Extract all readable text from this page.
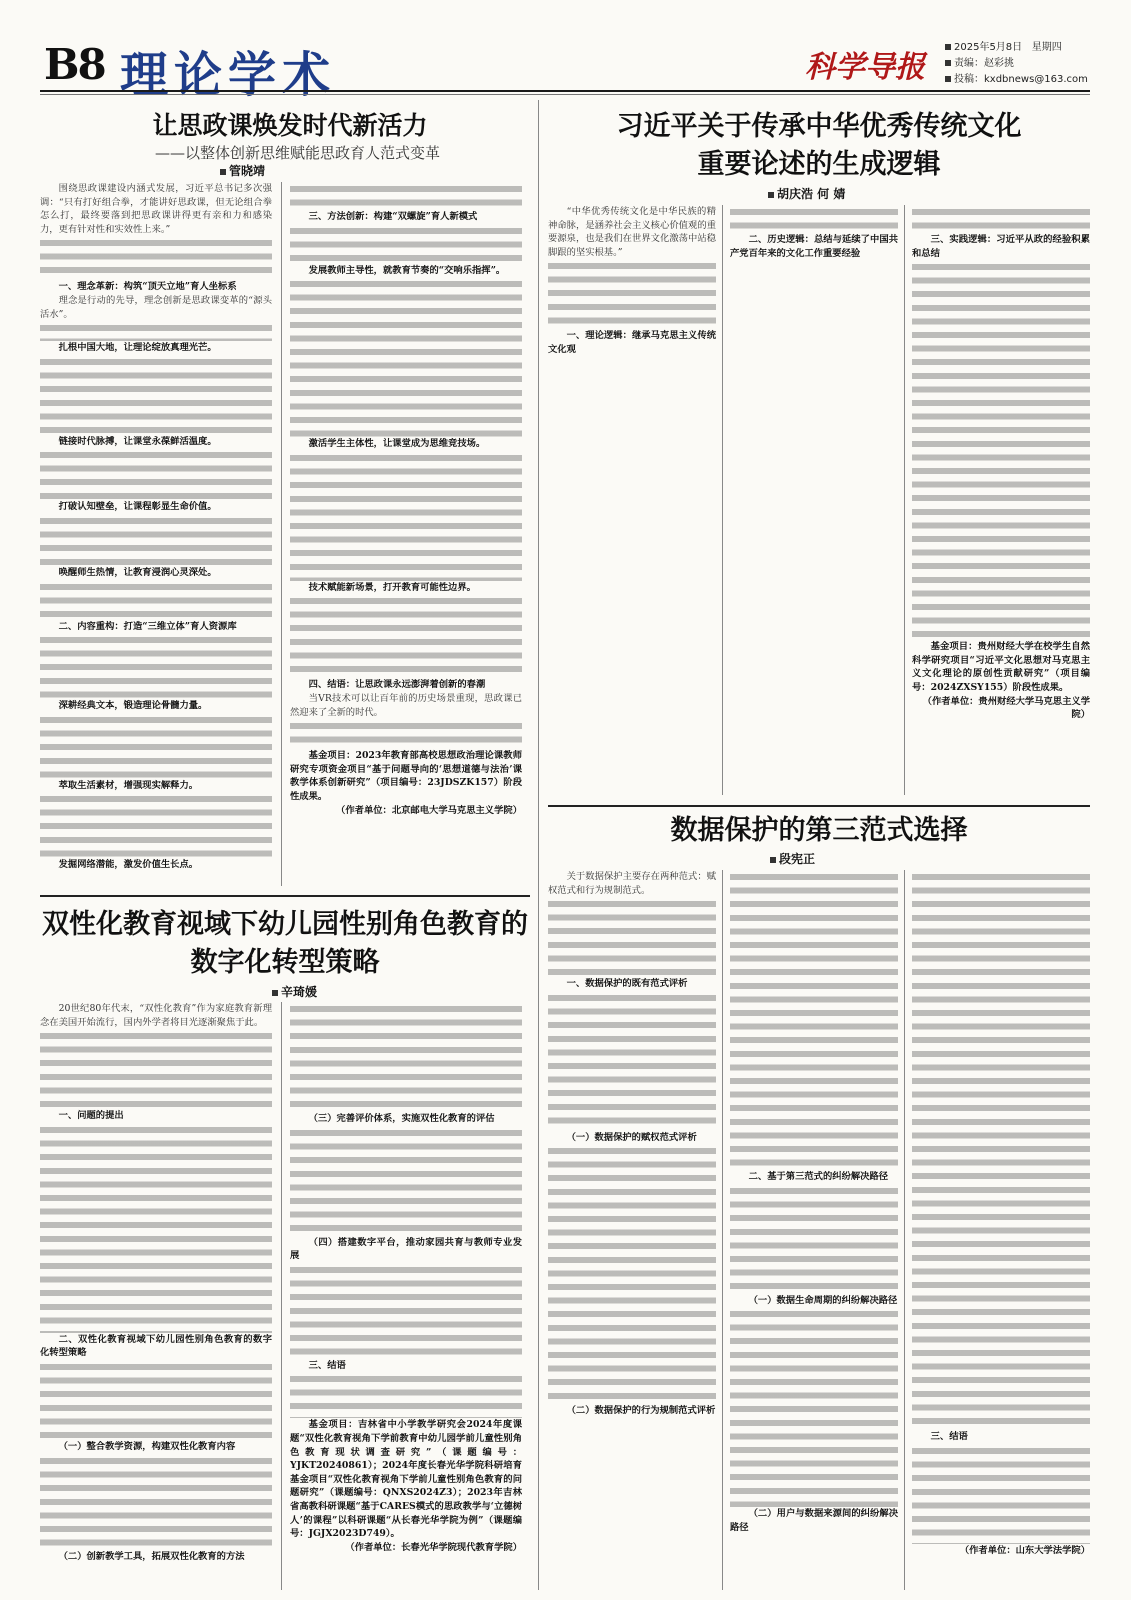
B8 理论学术	科学导报
2025年5月8日 星期四
责编：赵彩挑
投稿：kxdbnews@163.com
让思政课焕发时代新活力
——以整体创新思维赋能思政育人范式变革
管晓靖

围绕思政课建设内涵式发展，习近平总书记多次强调：“只有打好组合拳，才能讲好思政课，但无论组合拳怎么打，最终要落到把思政课讲得更有亲和力和感染力，更有针对性和实效性上来。”

一、理念革新：构筑“顶天立地”育人坐标系

理念是行动的先导，理念创新是思政课变革的“源头活水”。

扎根中国大地，让理论绽放真理光芒。

链接时代脉搏，让课堂永葆鲜活温度。

打破认知壁垒，让课程彰显生命价值。

唤醒师生热情，让教育浸润心灵深处。

二、内容重构：打造“三维立体”育人资源库

深耕经典文本，锻造理论骨髓力量。

萃取生活素材，增强现实解释力。

发掘网络潜能，激发价值生长点。

三、方法创新：构建“双螺旋”育人新模式

发展教师主导性，就教育节奏的“交响乐指挥”。

激活学生主体性，让课堂成为思维竞技场。

技术赋能新场景，打开教育可能性边界。

四、结语：让思政课永远澎湃着创新的春潮

当VR技术可以让百年前的历史场景重现，思政课已然迎来了全新的时代。

基金项目：2023年教育部高校思想政治理论课教师研究专项资金项目“基于问题导向的‘思想道德与法治’课教学体系创新研究”（项目编号：23JDSZK157）阶段性成果。

（作者单位：北京邮电大学马克思主义学院）

双性化教育视域下幼儿园性别角色教育的
数字化转型策略
辛琦媛

20世纪80年代末，“双性化教育”作为家庭教育新理念在美国开始流行，国内外学者将目光逐渐聚焦于此。

一、问题的提出

二、双性化教育视域下幼儿园性别角色教育的数字化转型策略

（一）整合教学资源，构建双性化教育内容

（二）创新教学工具，拓展双性化教育的方法

（三）完善评价体系，实施双性化教育的评估

（四）搭建数字平台，推动家园共育与教师专业发展

三、结语

基金项目：吉林省中小学教学研究会2024年度课题“双性化教育视角下学前教育中幼儿园学前儿童性别角色教育现状调查研究”（课题编号：YJKT20240861）；2024年度长春光华学院科研培育基金项目“双性化教育视角下学前儿童性别角色教育的问题研究”（课题编号：QNXS2024Z3）；2023年吉林省高教科研课题“基于CARES模式的思政教学与‘立德树人’的课程”以科研课题“从长春光华学院为例”（课题编号：JGJX2023D749）。

（作者单位：长春光华学院现代教育学院）

习近平关于传承中华优秀传统文化
重要论述的生成逻辑
胡庆浩 何 婧

“中华优秀传统文化是中华民族的精神命脉，是涵养社会主义核心价值观的重要源泉，也是我们在世界文化激荡中站稳脚跟的坚实根基。”

一、理论逻辑：继承马克思主义传统文化观

二、历史逻辑：总结与延续了中国共产党百年来的文化工作重要经验

三、实践逻辑：习近平从政的经验积累和总结

基金项目：贵州财经大学在校学生自然科学研究项目“习近平文化思想对马克思主义文化理论的原创性贡献研究”（项目编号：2024ZXSY155）阶段性成果。

（作者单位：贵州财经大学马克思主义学院）

数据保护的第三范式选择
段宪正

关于数据保护主要存在两种范式：赋权范式和行为规制范式。

一、数据保护的既有范式评析

（一）数据保护的赋权范式评析

（二）数据保护的行为规制范式评析

二、基于第三范式的纠纷解决路径

（一）数据生命周期的纠纷解决路径

（二）用户与数据来源间的纠纷解决路径

三、结语

（作者单位：山东大学法学院）
